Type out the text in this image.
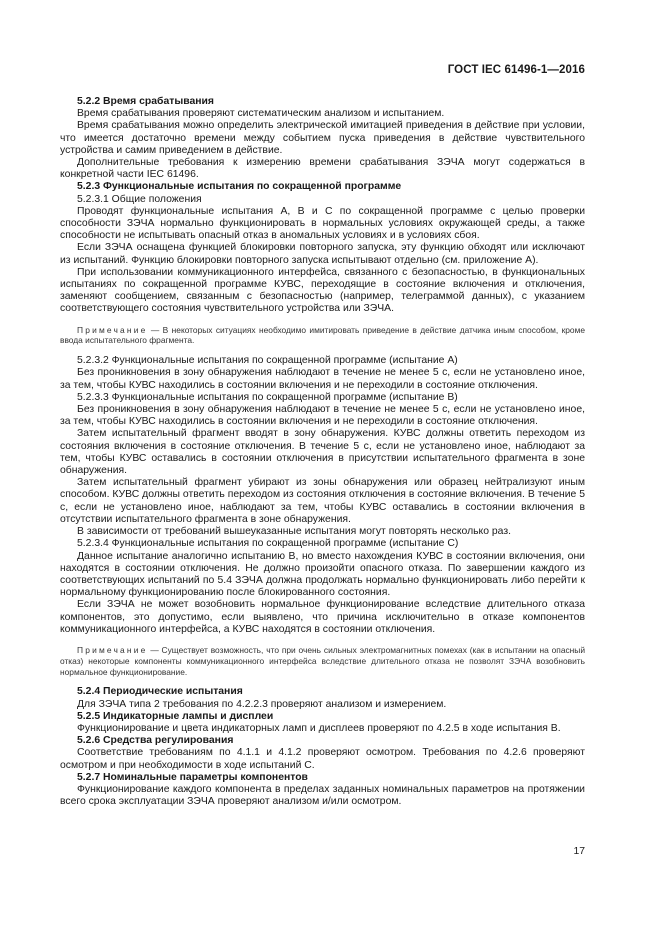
ГОСТ IEC 61496-1—2016

5.2.2 Время срабатывания

Время срабатывания проверяют систематическим анализом и испытанием.

Время срабатывания можно определить электрической имитацией приведения в действие при условии, что имеется достаточно времени между событием пуска приведения в действие чувствительного устройства и самим приведением в действие.

Дополнительные требования к измерению времени срабатывания ЗЭЧА могут содержаться в конкретной части IEC 61496.

5.2.3 Функциональные испытания по сокращенной программе

5.2.3.1 Общие положения

Проводят функциональные испытания А, В и С по сокращенной программе с целью проверки способности ЗЭЧА нормально функционировать в нормальных условиях окружающей среды, а также способности не испытывать опасный отказ в аномальных условиях и в условиях сбоя.

Если ЗЭЧА оснащена функцией блокировки повторного запуска, эту функцию обходят или исключают из испытаний. Функцию блокировки повторного запуска испытывают отдельно (см. приложение А).

При использовании коммуникационного интерфейса, связанного с безопасностью, в функциональных испытаниях по сокращенной программе КУВС, переходящие в состояние включения и отключения, заменяют сообщением, связанным с безопасностью (например, телеграммой данных), с указанием соответствующего состояния чувствительного устройства или ЗЭЧА.

Примечание — В некоторых ситуациях необходимо имитировать приведение в действие датчика иным способом, кроме ввода испытательного фрагмента.

5.2.3.2 Функциональные испытания по сокращенной программе (испытание А)

Без проникновения в зону обнаружения наблюдают в течение не менее 5 с, если не установлено иное, за тем, чтобы КУВС находились в состоянии включения и не переходили в состояние отключения.

5.2.3.3 Функциональные испытания по сокращенной программе (испытание В)

Без проникновения в зону обнаружения наблюдают в течение не менее 5 с, если не установлено иное, за тем, чтобы КУВС находились в состоянии включения и не переходили в состояние отключения.

Затем испытательный фрагмент вводят в зону обнаружения. КУВС должны ответить переходом из состояния включения в состояние отключения. В течение 5 с, если не установлено иное, наблюдают за тем, чтобы КУВС оставались в состоянии отключения в присутствии испытательного фрагмента в зоне обнаружения.

Затем испытательный фрагмент убирают из зоны обнаружения или образец нейтрализуют иным способом. КУВС должны ответить переходом из состояния отключения в состояние включения. В течение 5 с, если не установлено иное, наблюдают за тем, чтобы КУВС оставались в состоянии включения в отсутствии испытательного фрагмента в зоне обнаружения.

В зависимости от требований вышеуказанные испытания могут повторять несколько раз.

5.2.3.4 Функциональные испытания по сокращенной программе (испытание С)

Данное испытание аналогично испытанию В, но вместо нахождения КУВС в состоянии включения, они находятся в состоянии отключения. Не должно произойти опасного отказа. По завершении каждого из соответствующих испытаний по 5.4 ЗЭЧА должна продолжать нормально функционировать либо перейти к нормальному функционированию после блокированного состояния.

Если ЗЭЧА не может возобновить нормальное функционирование вследствие длительного отказа компонентов, это допустимо, если выявлено, что причина исключительно в отказе компонентов коммуникационного интерфейса, а КУВС находятся в состоянии отключения.

Примечание — Существует возможность, что при очень сильных электромагнитных помехах (как в испытании на опасный отказ) некоторые компоненты коммуникационного интерфейса вследствие длительного отказа не позволят ЗЭЧА возобновить нормальное функционирование.

5.2.4 Периодические испытания

Для ЗЭЧА типа 2 требования по 4.2.2.3 проверяют анализом и измерением.

5.2.5 Индикаторные лампы и дисплеи

Функционирование и цвета индикаторных ламп и дисплеев проверяют по 4.2.5 в ходе испытания В.

5.2.6 Средства регулирования

Соответствие требованиям по 4.1.1 и 4.1.2 проверяют осмотром. Требования по 4.2.6 проверяют осмотром и при необходимости в ходе испытаний С.

5.2.7 Номинальные параметры компонентов

Функционирование каждого компонента в пределах заданных номинальных параметров на протяжении всего срока эксплуатации ЗЭЧА проверяют анализом и/или осмотром.

17
